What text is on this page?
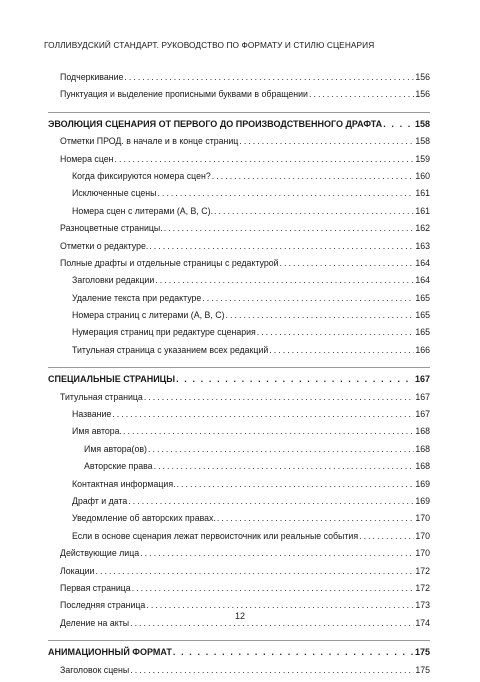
ГОЛЛИВУДСКИЙ СТАНДАРТ. РУКОВОДСТВО ПО ФОРМАТУ И СТИЛЮ СЦЕНАРИЯ
Подчеркивание . . .	156
Пунктуация и выделение прописными буквами в обращении . . .	156
ЭВОЛЮЦИЯ СЦЕНАРИЯ ОТ ПЕРВОГО ДО ПРОИЗВОДСТВЕННОГО ДРАФТА . . .	158
Отметки ПРОД. в начале и в конце страниц . . .	158
Номера сцен . . .	159
Когда фиксируются номера сцен? . . .	160
Исключенные сцены . . .	161
Номера сцен с литерами (A, B, C). . . .	161
Разноцветные страницы. . . .	162
Отметки о редактуре. . . .	163
Полные драфты и отдельные страницы с редактурой . . .	164
Заголовки редакции . . .	164
Удаление текста при редактуре . . .	165
Номера страниц с литерами (A, B, C) . . .	165
Нумерация страниц при редактуре сценария . . .	165
Титульная страница с указанием всех редакций . . .	166
СПЕЦИАЛЬНЫЕ СТРАНИЦЫ . . .	167
Титульная страница . . .	167
Название . . .	167
Имя автора. . . .	168
Имя автора(ов) . . .	168
Авторские права . . .	168
Контактная информация. . . .	169
Драфт и дата . . .	169
Уведомление об авторских правах. . . .	170
Если в основе сценария лежат первоисточник или реальные события . . .	170
Действующие лица . . .	170
Локации . . .	172
Первая страница . . .	172
Последняя страница . . .	173
Деление на акты . . .	174
АНИМАЦИОННЫЙ ФОРМАТ . . .	175
Заголовок сцены . . .	175
12
